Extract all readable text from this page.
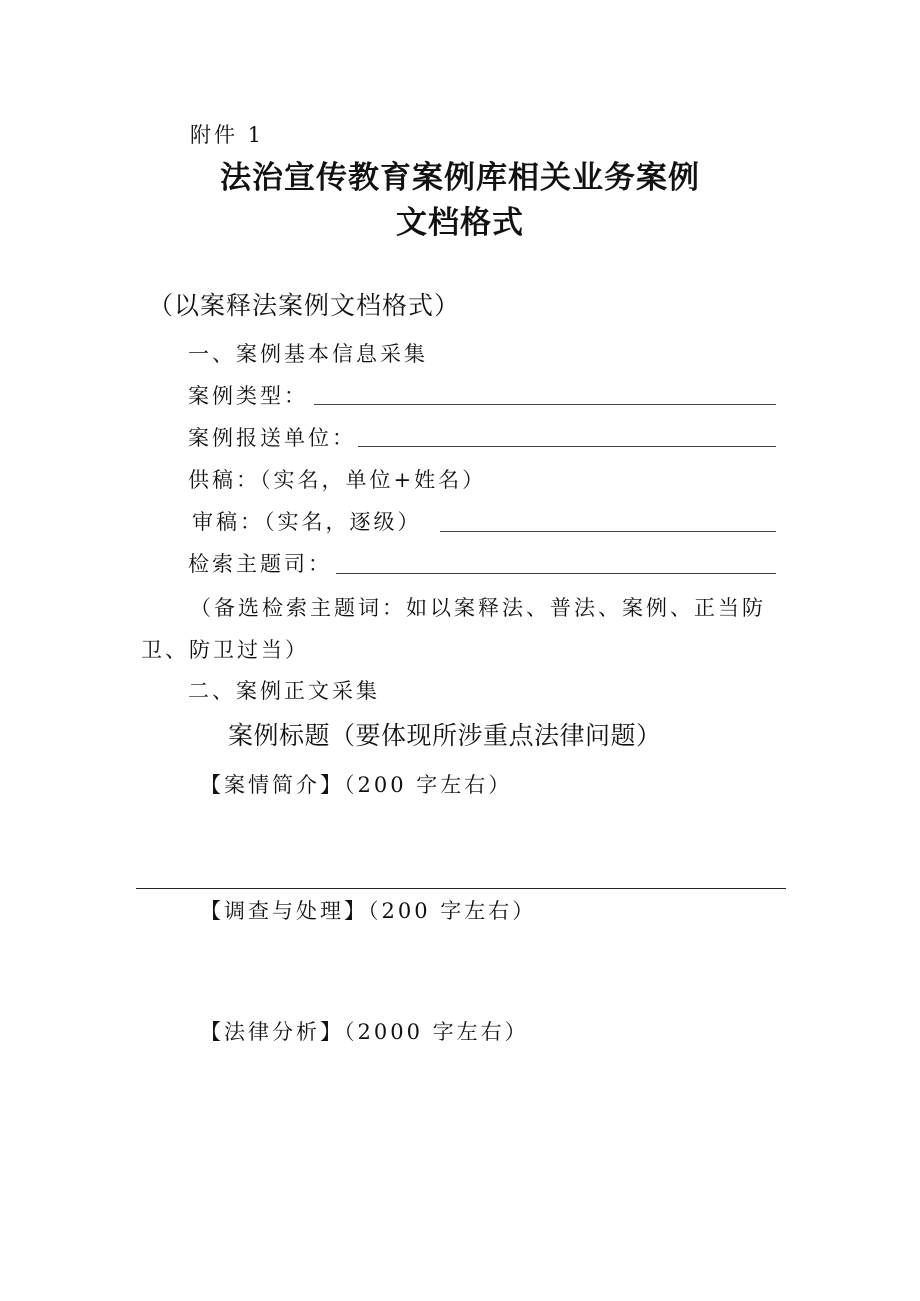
附件 1
法治宣传教育案例库相关业务案例
文档格式
（以案释法案例文档格式）
一、案例基本信息采集
案例类型：
案例报送单位：
供稿：（实名，单位+姓名）
审稿：（实名，逐级）
检索主题司：
（备选检索主题词：如以案释法、普法、案例、正当防
卫、防卫过当）
二、案例正文采集
案例标题（要体现所涉重点法律问题）
【案情简介】（200 字左右）
【调查与处理】（200 字左右）
【法律分析】（2000 字左右）
